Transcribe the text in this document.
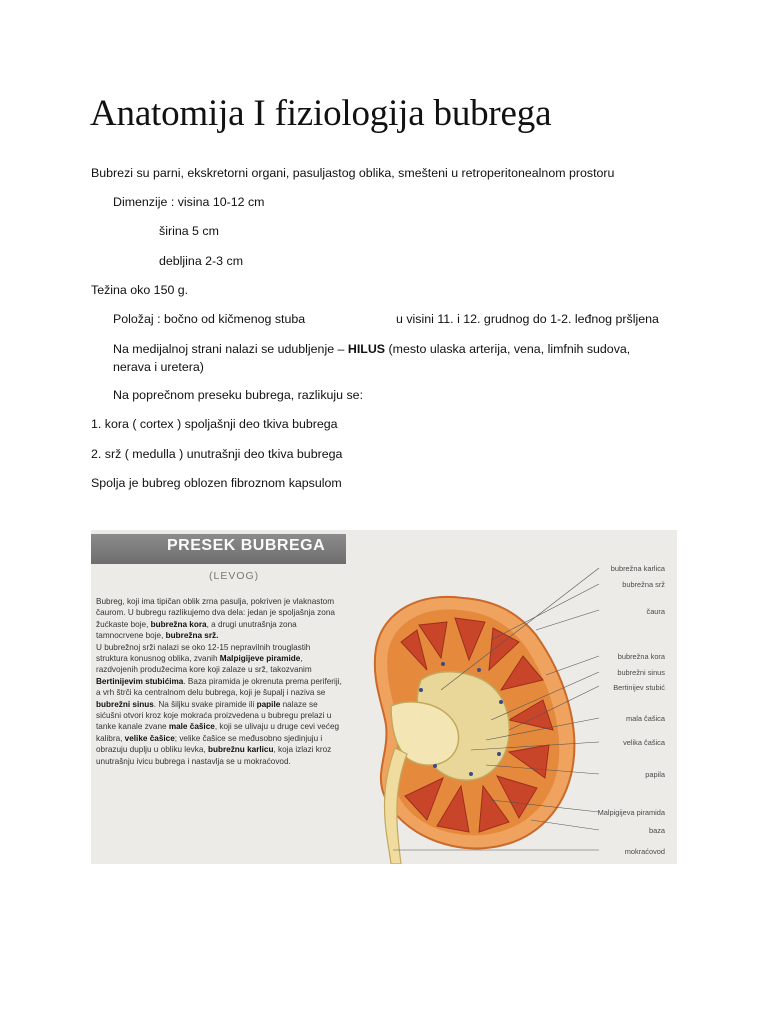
Anatomija I fiziologija bubrega
Bubrezi su parni, ekskretorni organi, pasuljastog oblika, smešteni u retroperitonealnom prostoru
Dimenzije : visina 10-12 cm
širina 5 cm
debljina 2-3 cm
Težina oko 150 g.
Položaj : bočno od kičmenog stuba	u visini 11. i 12. grudnog do 1-2. leđnog pršljena
Na medijalnoj strani nalazi se udubljenje – HILUS (mesto ulaska arterija, vena, limfnih sudova, nerava i uretera)
Na poprečnom preseku bubrega, razlikuju se:
1. kora ( cortex ) spoljašnji deo tkiva bubrega
2. srž ( medulla ) unutrašnji deo tkiva bubrega
Spolja je bubreg oblozen fibroznom kapsulom
PRESEK BUBREGA
(LEVOG)
Bubreg, koji ima tipičan oblik zrna pasulja, pokriven je vlaknastom čaurom. U bubregu razlikujemo dva dela: jedan je spoljašnja zona žućkaste boje, bubrežna kora, a drugi unutrašnja zona tamnocrvene boje, bubrežna srž.
U bubrežnoj srži nalazi se oko 12-15 nepravilnih trouglastih struktura konusnog oblika, zvanih Malpigijeve piramide, razdvojenih produžecima kore koji zalaze u srž, takozvanim Bertinijevim stubićima. Baza piramida je okrenuta prema periferiji, a vrh štrči ka centralnom delu bubrega, koji je šupalj i naziva se bubrežni sinus. Na šiljku svake piramide ili papile nalaze se sićušni otvori kroz koje mokraća proizvedena u bubregu prelazi u tanke kanale zvane male čašice, koji se ulivaju u druge cevi većeg kalibra, velike čašice; velike čašice se međusobno sjedinjuju i obrazuju duplju u obliku levka, bubrežnu karlicu, koja izlazi kroz unutrašnju ivicu bubrega i nastavlja se u mokraćovod.
bubrežna karlica
bubrežna srž
čaura
bubrežna kora
bubrežni sinus
Bertinijev stubić
mala čašica
velika čašica
papila
Malpigijeva piramida
baza
mokraćovod
